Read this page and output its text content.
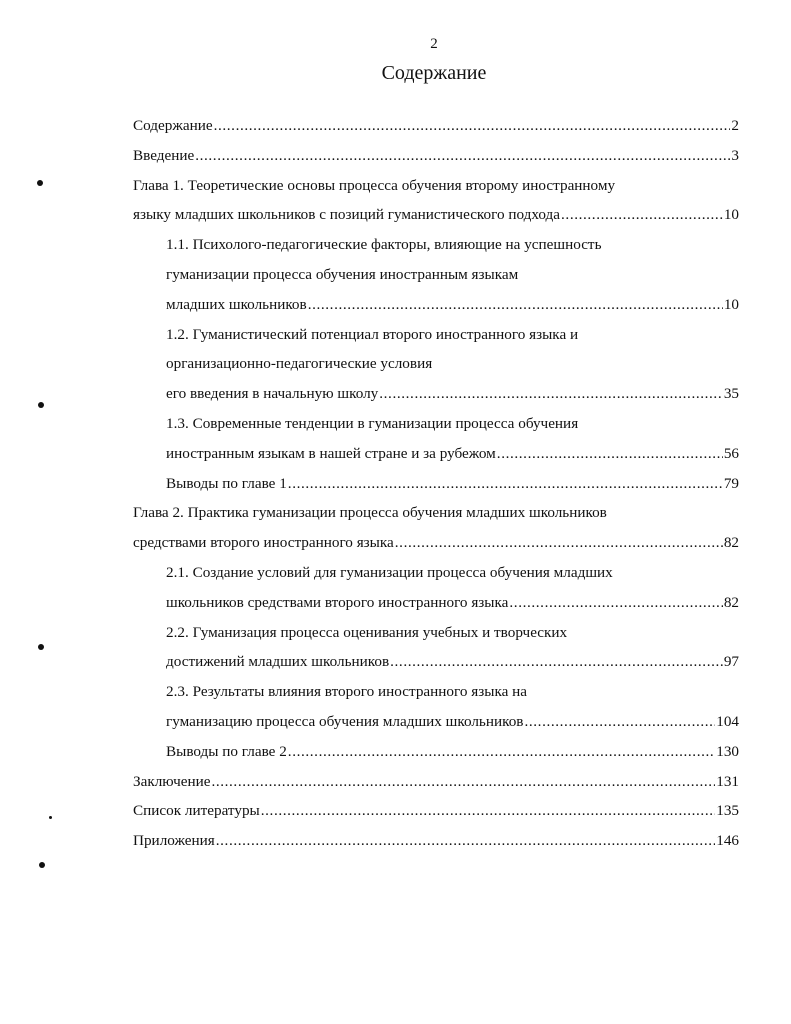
2
Содержание
Содержание .....	2
Введение .....	3
Глава 1. Теоретические основы процесса обучения второму иностранному
языку младших школьников с позиций гуманистического подхода .....	10
1.1. Психолого-педагогические факторы, влияющие на успешность
гуманизации процесса обучения иностранным языкам
младших школьников .....	10
1.2. Гуманистический потенциал второго иностранного языка и
организационно-педагогические условия
его введения в начальную школу .....	35
1.3. Современные тенденции в гуманизации процесса обучения
иностранным языкам в нашей стране и за рубежом .....	56
Выводы по главе 1 .....	79
Глава 2. Практика гуманизации процесса обучения младших школьников
средствами второго иностранного языка .....	82
2.1. Создание условий для гуманизации процесса обучения младших
школьников средствами второго иностранного языка .....	82
2.2. Гуманизация процесса оценивания учебных и творческих
достижений младших школьников .....	97
2.3. Результаты влияния второго иностранного языка на
гуманизацию процесса обучения младших школьников .....	104
Выводы по главе 2 .....	130
Заключение .....	131
Список литературы .....	135
Приложения .....	146
